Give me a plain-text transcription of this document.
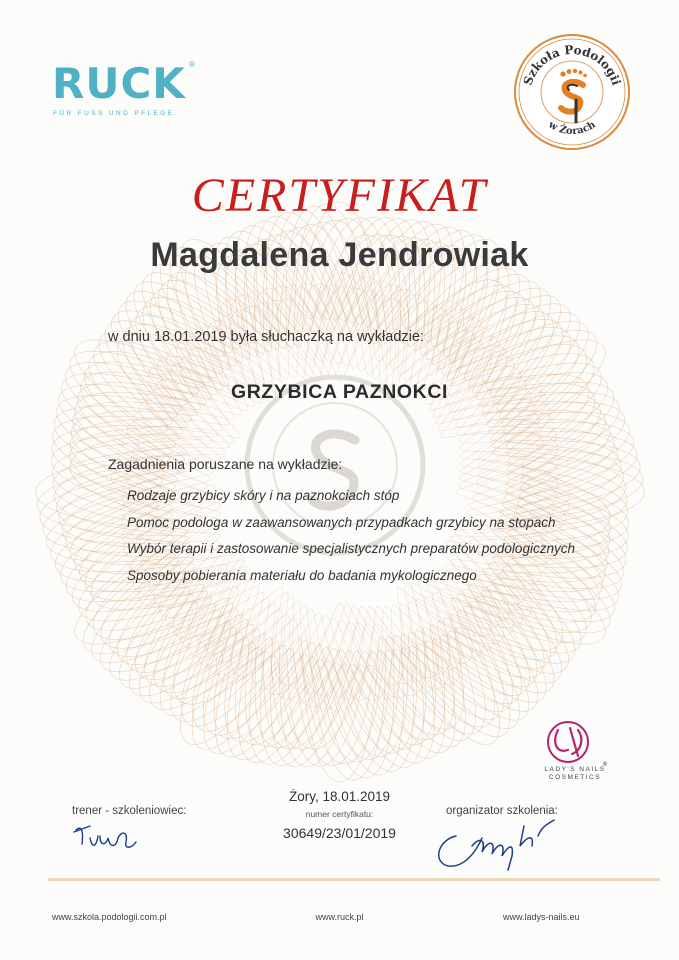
RUCK ®
FÜR FUSS UND PFLEGE
Szkoła Podologii
w Żorach
CERTYFIKAT
Magdalena Jendrowiak
w dniu 18.01.2019 była słuchaczką na wykładzie:
GRZYBICA PAZNOKCI
Zagadnienia poruszane na wykładzie:
Rodzaje grzybicy skóry i na paznokciach stóp
Pomoc podologa w zaawansowanych przypadkach grzybicy na stopach
Wybór terapii i zastosowanie specjalistycznych preparatów podologicznych
Sposoby pobierania materiału do badania mykologicznego
®
LADY'S NAILS
COSMETICS
trener - szkoleniowiec:
Żory, 18.01.2019
numer certyfikatu:
30649/23/01/2019
organizator szkolenia:
www.szkola.podologii.com.pl	www.ruck.pl	www.ladys-nails.eu
